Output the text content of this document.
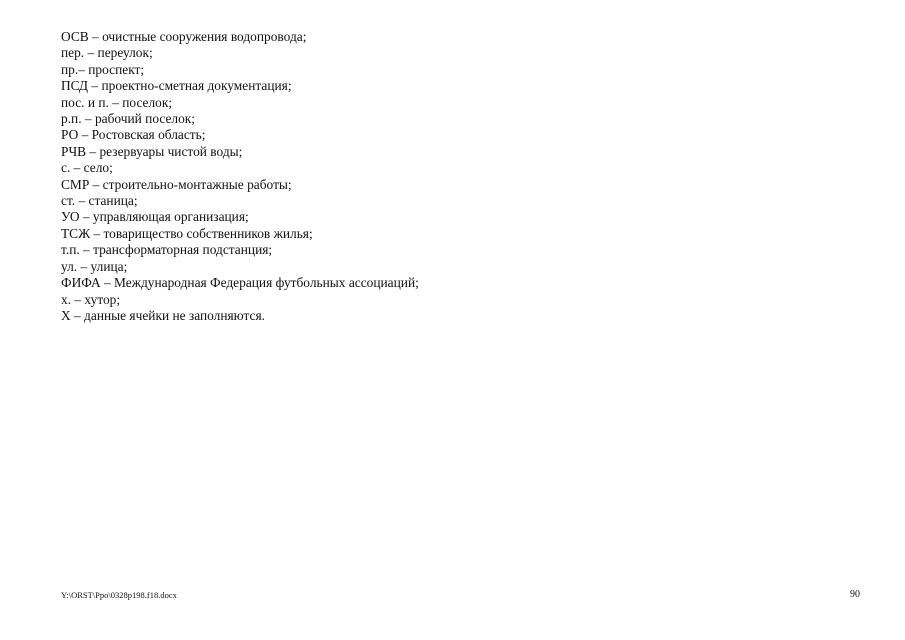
ОСВ – очистные сооружения водопровода;
пер. – переулок;
пр.– проспект;
ПСД – проектно-сметная документация;
пос. и п. – поселок;
р.п. – рабочий поселок;
РО – Ростовская область;
РЧВ – резервуары чистой воды;
с. – село;
СМР – строительно-монтажные работы;
ст. – станица;
УО – управляющая организация;
ТСЖ – товарищество собственников жилья;
т.п. – трансформаторная подстанция;
ул. – улица;
ФИФА – Международная Федерация футбольных ассоциаций;
х. – хутор;
Х – данные ячейки не заполняются.
Y:\ORST\Ppo\0328p198.f18.docx	90
